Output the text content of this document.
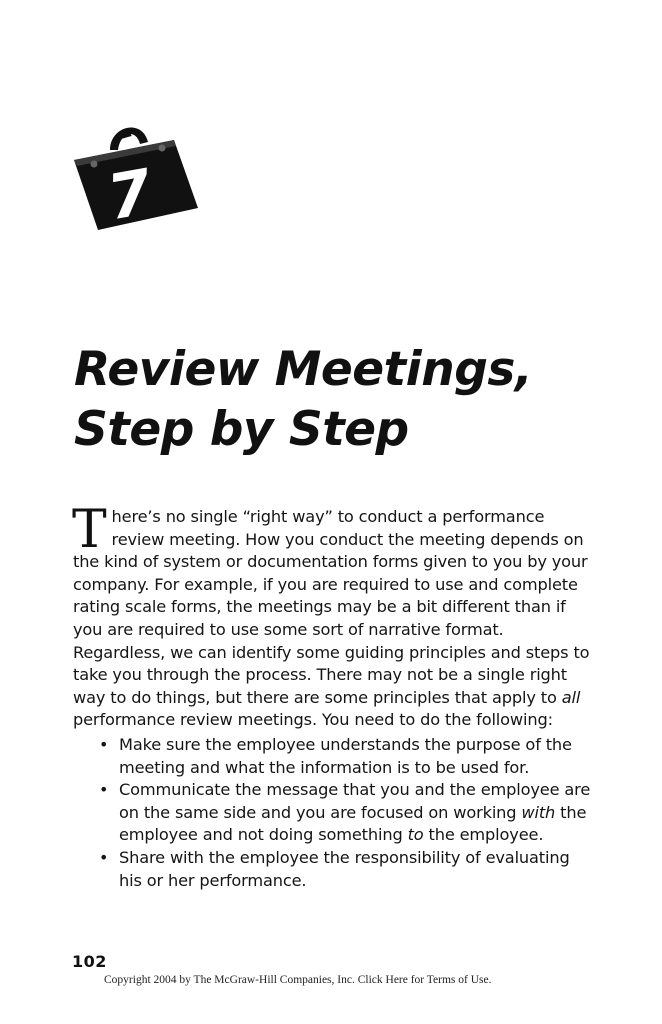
7
Review Meetings,
Step by Step

There’s no single “right way” to conduct a performance review meeting. How you conduct the meeting depends on the kind of system or documentation forms given to you by your company. For example, if you are required to use and complete rating scale forms, the meetings may be a bit different than if you are required to use some sort of narrative format. Regardless, we can identify some guiding principles and steps to take you through the process. There may not be a single right way to do things, but there are some principles that apply to all performance review meetings. You need to do the following:

• Make sure the employee understands the purpose of the meeting and what the information is to be used for.
• Communicate the message that you and the employee are on the same side and you are focused on working with the employee and not doing something to the employee.
• Share with the employee the responsibility of evaluating his or her performance.
102
Copyright 2004 by The McGraw-Hill Companies, Inc. Click Here for Terms of Use.
